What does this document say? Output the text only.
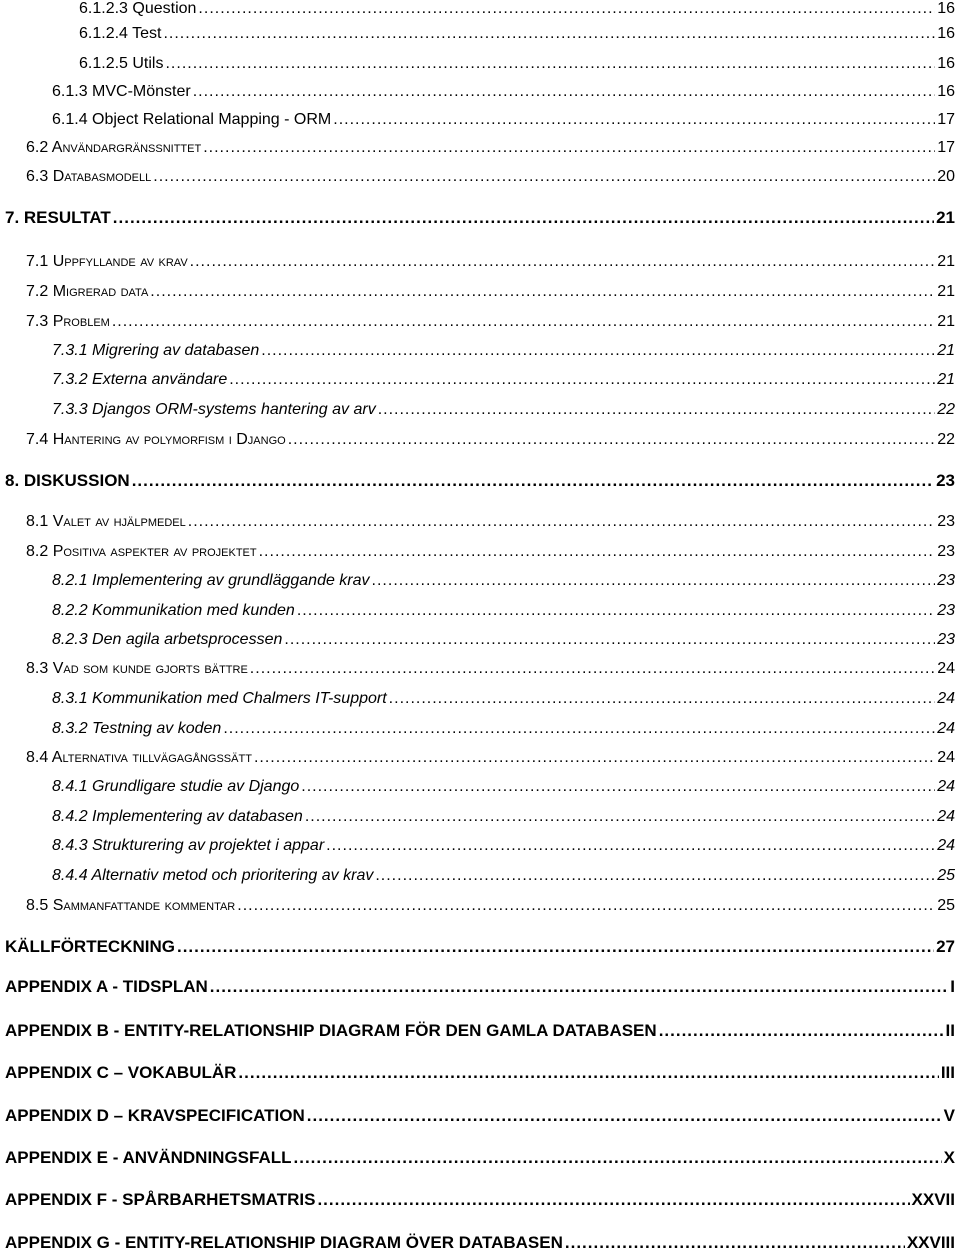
6.1.2.3 Question .....	16
6.1.2.4 Test .....	16
6.1.2.5 Utils .....	16
6.1.3 MVC-Mönster .....	16
6.1.4 Object Relational Mapping - ORM .....	17
6.2 Användargränssnittet .....	17
6.3 Databasmodell .....	20
7. RESULTAT .....	21
7.1 Uppfyllande av krav .....	21
7.2 Migrerad data .....	21
7.3 Problem .....	21
7.3.1 Migrering av databasen .....	21
7.3.2 Externa användare .....	21
7.3.3 Djangos ORM-systems hantering av arv .....	22
7.4 Hantering av polymorfism i Django .....	22
8. DISKUSSION .....	23
8.1 Valet av hjälpmedel .....	23
8.2 Positiva aspekter av projektet .....	23
8.2.1 Implementering av grundläggande krav .....	23
8.2.2 Kommunikation med kunden .....	23
8.2.3 Den agila arbetsprocessen .....	23
8.3 Vad som kunde gjorts bättre .....	24
8.3.1 Kommunikation med Chalmers IT-support .....	24
8.3.2 Testning av koden .....	24
8.4 Alternativa tillvägagångssätt .....	24
8.4.1 Grundligare studie av Django .....	24
8.4.2 Implementering av databasen .....	24
8.4.3 Strukturering av projektet i appar .....	24
8.4.4 Alternativ metod och prioritering av krav .....	25
8.5 Sammanfattande kommentar .....	25
KÄLLFÖRTECKNING .....	27
APPENDIX A - TIDSPLAN .....	I
APPENDIX B - ENTITY-RELATIONSHIP DIAGRAM FÖR DEN GAMLA DATABASEN .....	II
APPENDIX C – VOKABULÄR .....	III
APPENDIX D – KRAVSPECIFICATION .....	V
APPENDIX E - ANVÄNDNINGSFALL .....	X
APPENDIX F - SPÅRBARHETSMATRIS .....	XXVII
APPENDIX G - ENTITY-RELATIONSHIP DIAGRAM ÖVER DATABASEN .....	XXVIII
